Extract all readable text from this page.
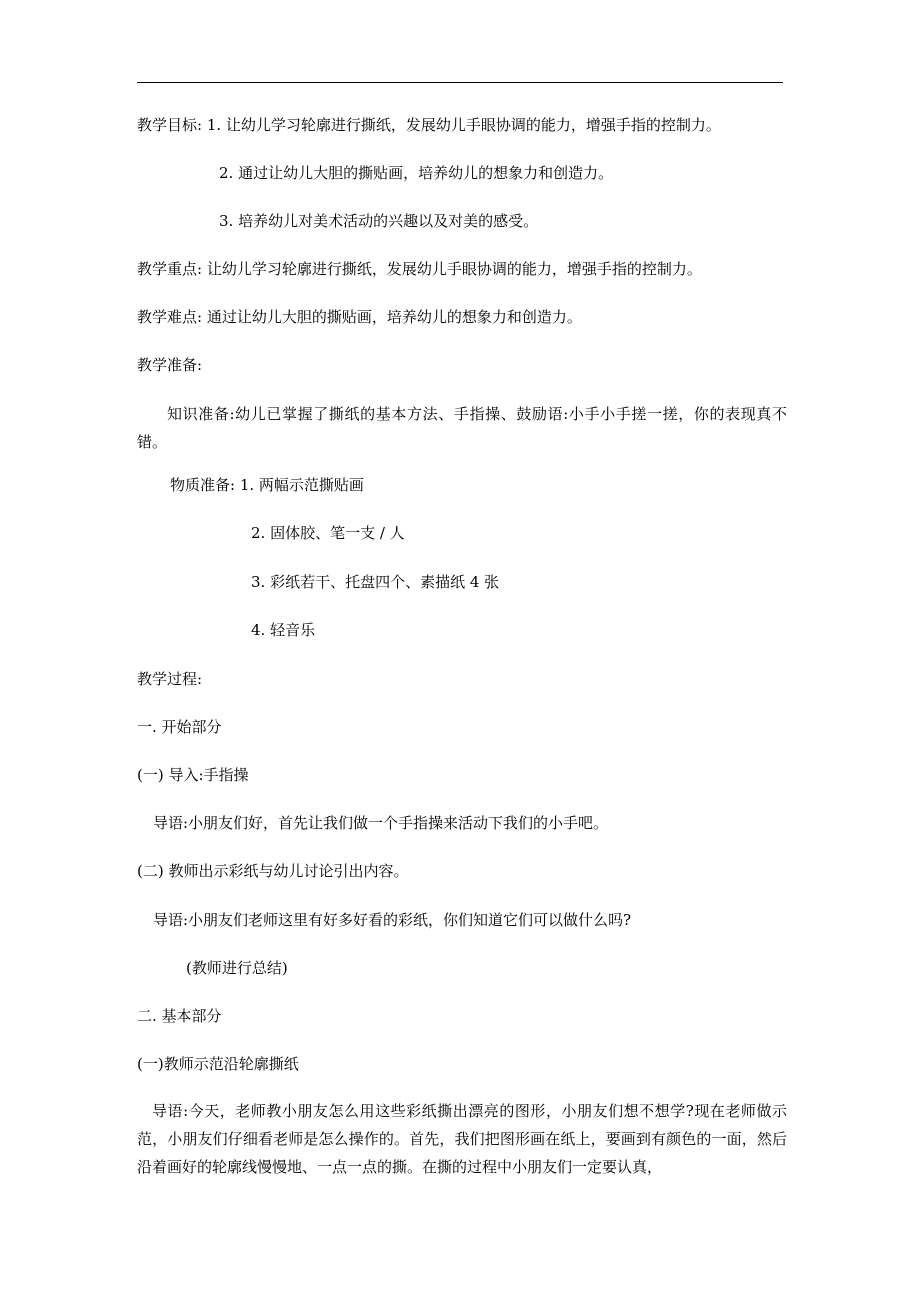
教学目标: 1. 让幼儿学习轮廓进行撕纸，发展幼儿手眼协调的能力，增强手指的控制力。
2. 通过让幼儿大胆的撕贴画，培养幼儿的想象力和创造力。
3. 培养幼儿对美术活动的兴趣以及对美的感受。
教学重点: 让幼儿学习轮廓进行撕纸，发展幼儿手眼协调的能力，增强手指的控制力。
教学难点: 通过让幼儿大胆的撕贴画，培养幼儿的想象力和创造力。
教学准备:
知识准备:幼儿已掌握了撕纸的基本方法、手指操、鼓励语:小手小手搓一搓，你的表现真不错。
物质准备: 1. 两幅示范撕贴画
2. 固体胶、笔一支 / 人
3. 彩纸若干、托盘四个、素描纸 4 张
4. 轻音乐
教学过程:
一. 开始部分
(一) 导入:手指操
导语:小朋友们好，首先让我们做一个手指操来活动下我们的小手吧。
(二) 教师出示彩纸与幼儿讨论引出内容。
导语:小朋友们老师这里有好多好看的彩纸，你们知道它们可以做什么吗?
(教师进行总结)
二. 基本部分
(一)教师示范沿轮廓撕纸
导语:今天，老师教小朋友怎么用这些彩纸撕出漂亮的图形，小朋友们想不想学?现在老师做示范，小朋友们仔细看老师是怎么操作的。首先，我们把图形画在纸上，要画到有颜色的一面，然后沿着画好的轮廓线慢慢地、一点一点的撕。在撕的过程中小朋友们一定要认真，
